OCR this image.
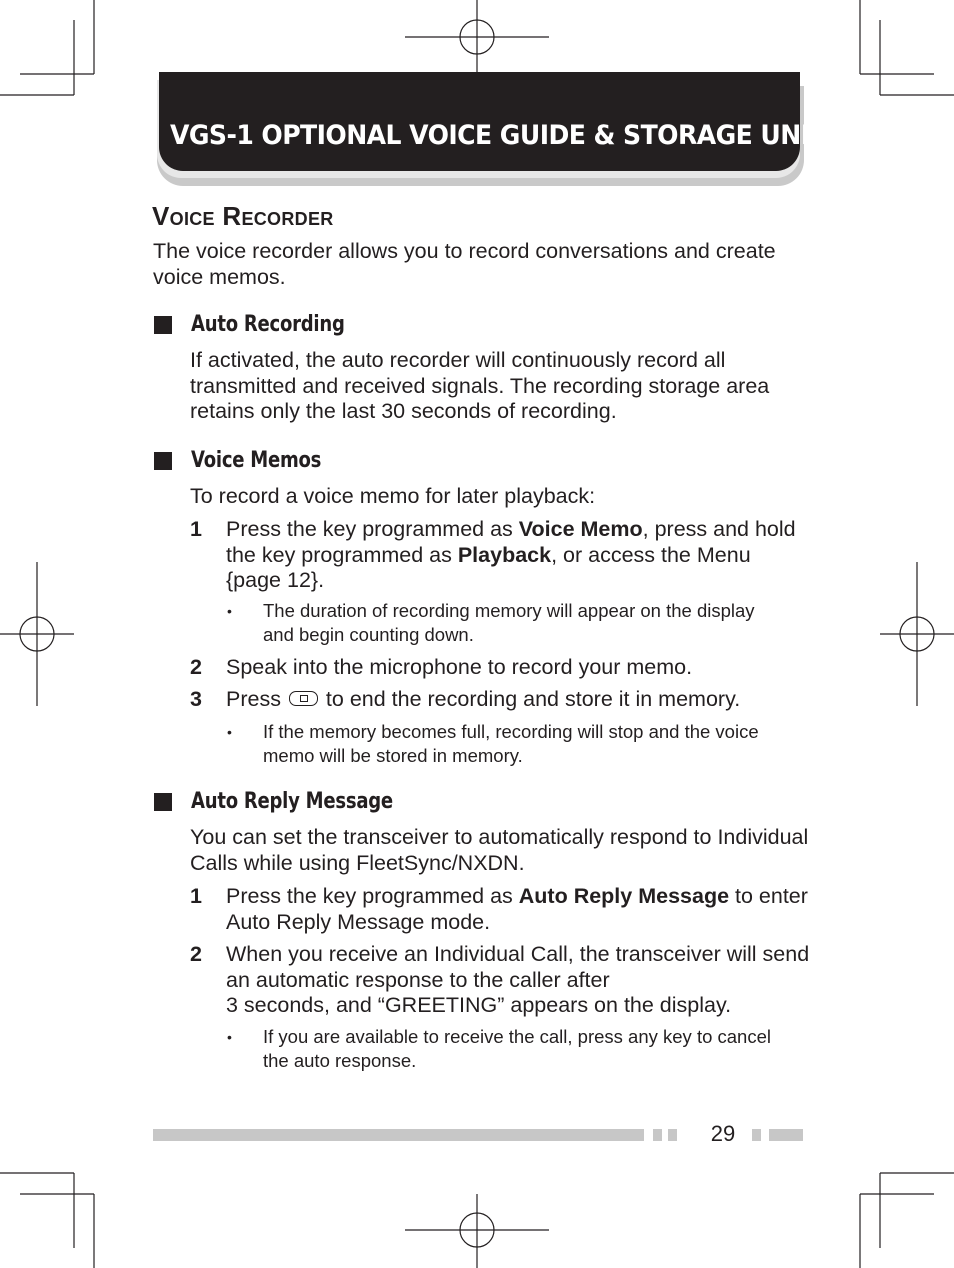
VGS-1 OPTIONAL VOICE GUIDE & STORAGE UNIT
Voice Recorder

The voice recorder allows you to record conversations and create voice memos.

Auto Recording

If activated, the auto recorder will continuously record all transmitted and received signals. The recording storage area retains only the last 30 seconds of recording.

Voice Memos

To record a voice memo for later playback:

1	Press the key programmed as Voice Memo, press and hold the key programmed as Playback, or access the Menu {page 12}.
•	The duration of recording memory will appear on the display and begin counting down.
2	Speak into the microphone to record your memo.
3	Press  to end the recording and store it in memory.
•	If the memory becomes full, recording will stop and the voice memo will be stored in memory.
Auto Reply Message

You can set the transceiver to automatically respond to Individual Calls while using FleetSync/NXDN.

1	Press the key programmed as Auto Reply Message to enter Auto Reply Message mode.
2	When you receive an Individual Call, the transceiver will send an automatic response to the caller after
3 seconds, and “GREETING” appears on the display.
•	If you are available to receive the call, press any key to cancel the auto response.
29
